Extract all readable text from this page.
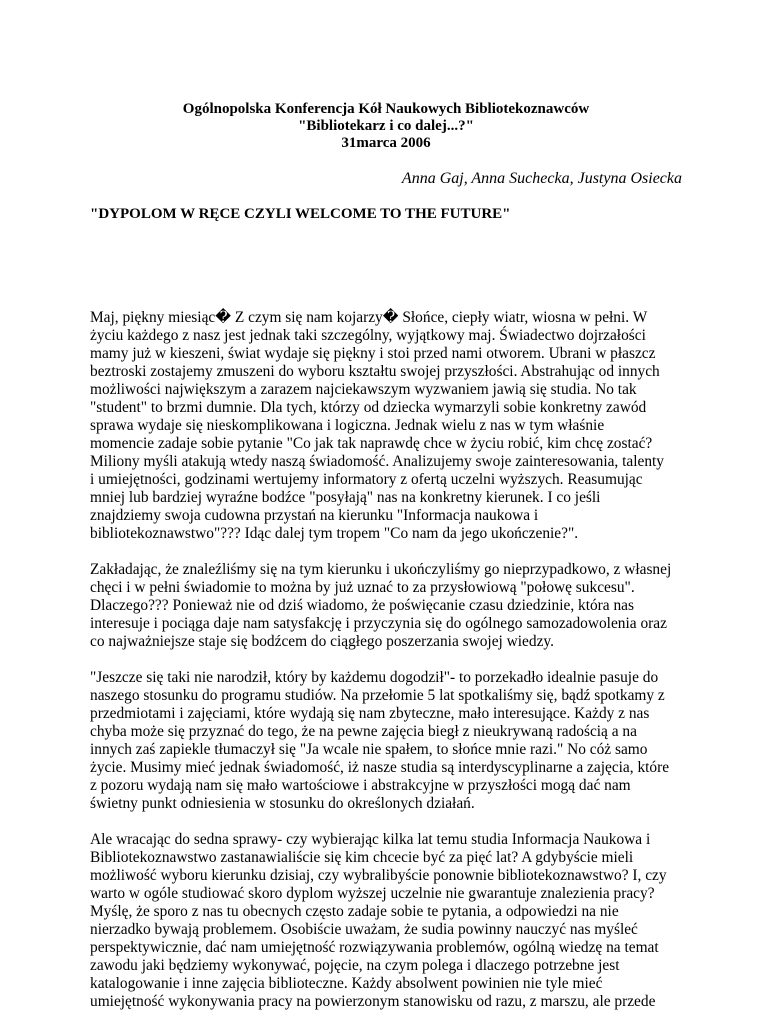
Ogólnopolska Konferencja Kół Naukowych Bibliotekoznawców
"Bibliotekarz i co dalej...?"
31marca 2006
Anna Gaj, Anna Suchecka, Justyna Osiecka
"DYPOLOM W RĘCE CZYLI WELCOME TO THE FUTURE"

Maj, piękny miesiąc� Z czym się nam kojarzy� Słońce, ciepły wiatr, wiosna w pełni. W
życiu każdego z nasz jest jednak taki szczególny, wyjątkowy maj. Świadectwo dojrzałości
mamy już w kieszeni, świat wydaje się piękny i stoi przed nami otworem. Ubrani w płaszcz
beztroski zostajemy zmuszeni do wyboru kształtu swojej przyszłości. Abstrahując od innych
możliwości największym a zarazem najciekawszym wyzwaniem jawią się studia. No tak
"student" to brzmi dumnie. Dla tych, którzy od dziecka wymarzyli sobie konkretny zawód
sprawa wydaje się nieskomplikowana i logiczna. Jednak wielu z nas w tym właśnie
momencie zadaje sobie pytanie "Co jak tak naprawdę chce w życiu robić, kim chcę zostać?
Miliony myśli atakują wtedy naszą świadomość. Analizujemy swoje zainteresowania, talenty
i umiejętności, godzinami wertujemy informatory z ofertą uczelni wyższych. Reasumując
mniej lub bardziej wyraźne bodźce "posyłają" nas na konkretny kierunek. I co jeśli
znajdziemy swoja cudowna przystań na kierunku "Informacja naukowa i
bibliotekoznawstwo"??? Idąc dalej tym tropem "Co nam da jego ukończenie?".

Zakładając, że znaleźliśmy się na tym kierunku i ukończyliśmy go nieprzypadkowo, z własnej
chęci i w pełni świadomie to można by już uznać to za przysłowiową "połowę sukcesu".
Dlaczego??? Ponieważ nie od dziś wiadomo, że poświęcanie czasu dziedzinie, która nas
interesuje i pociąga daje nam satysfakcję i przyczynia się do ogólnego samozadowolenia oraz
co najważniejsze staje się bodźcem do ciągłego poszerzania swojej wiedzy.

"Jeszcze się taki nie narodził, który by każdemu dogodził"- to porzekadło idealnie pasuje do
naszego stosunku do programu studiów. Na przełomie 5 lat spotkaliśmy się, bądź spotkamy z
przedmiotami i zajęciami, które wydają się nam zbyteczne, mało interesujące. Każdy z nas
chyba może się przyznać do tego, że na pewne zajęcia biegł z nieukrywaną radością a na
innych zaś zapiekle tłumaczył się "Ja wcale nie spałem, to słońce mnie razi." No cóż samo
życie. Musimy mieć jednak świadomość, iż nasze studia są interdyscyplinarne a zajęcia, które
z pozoru wydają nam się mało wartościowe i abstrakcyjne w przyszłości mogą dać nam
świetny punkt odniesienia w stosunku do określonych działań.

Ale wracając do sedna sprawy- czy wybierając kilka lat temu studia Informacja Naukowa i
Bibliotekoznawstwo zastanawialiście się kim chcecie być za pięć lat? A gdybyście mieli
możliwość wyboru kierunku dzisiaj, czy wybralibyście ponownie bibliotekoznawstwo? I, czy
warto w ogóle studiować skoro dyplom wyższej uczelnie nie gwarantuje znalezienia pracy?
Myślę, że sporo z nas tu obecnych często zadaje sobie te pytania, a odpowiedzi na nie
nierzadko bywają problemem. Osobiście uważam, że sudia powinny nauczyć nas myśleć
perspektywicznie, dać nam umiejętność rozwiązywania problemów, ogólną wiedzę na temat
zawodu jaki będziemy wykonywać, pojęcie, na czym polega i dlaczego potrzebne jest
katalogowanie i inne zajęcia biblioteczne. Każdy absolwent powinien nie tyle mieć
umiejętność wykonywania pracy na powierzonym stanowisku od razu, z marszu, ale przede
